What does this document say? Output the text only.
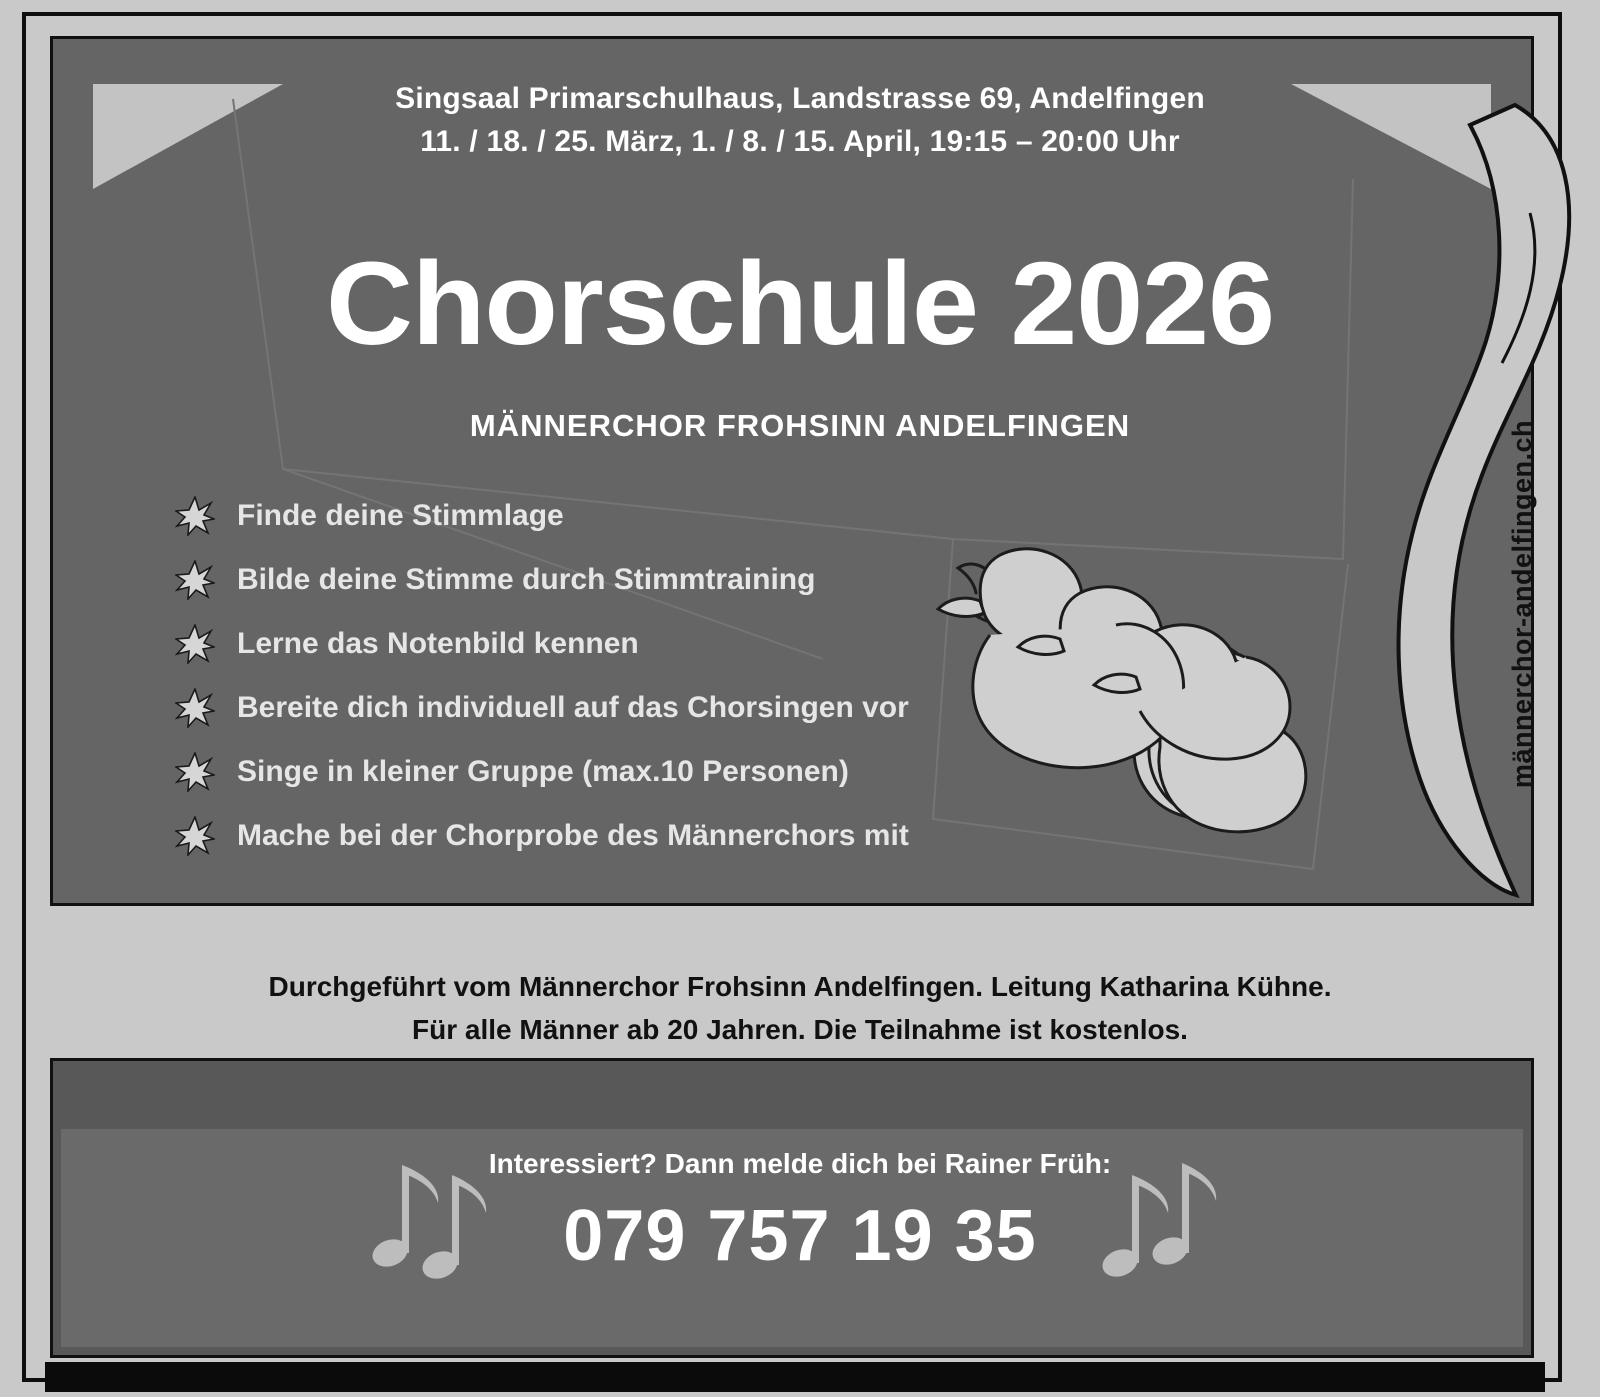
Singsaal Primarschulhaus, Landstrasse 69, Andelfingen
11. / 18. / 25. März, 1. / 8. / 15. April, 19:15 – 20:00 Uhr
Chorschule 2026
MÄNNERCHOR FROHSINN ANDELFINGEN
Finde deine Stimmlage
Bilde deine Stimme durch Stimmtraining
Lerne das Notenbild kennen
Bereite dich individuell auf das Chorsingen vor
Singe in kleiner Gruppe (max.10 Personen)
Mache bei der Chorprobe des Männerchors mit
männerchor-andelfingen.ch
Durchgeführt vom Männerchor Frohsinn Andelfingen. Leitung Katharina Kühne.
Für alle Männer ab 20 Jahren. Die Teilnahme ist kostenlos.
Interessiert? Dann melde dich bei Rainer Früh:
079 757 19 35
